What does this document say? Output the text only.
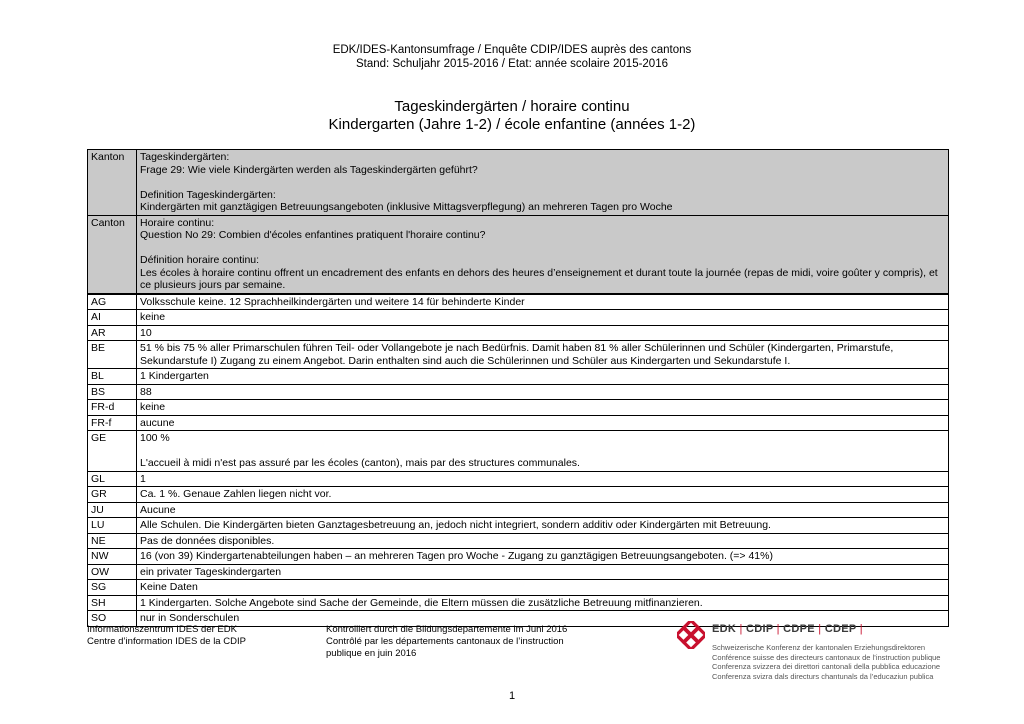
EDK/IDES-Kantonsumfrage / Enquête CDIP/IDES auprès des cantons
Stand: Schuljahr 2015-2016 / Etat: année scolaire 2015-2016
Tageskindergärten / horaire continu
Kindergarten (Jahre 1-2) / école enfantine (années 1-2)
Kanton	Tageskindergärten:
Frage 29: Wie viele Kindergärten werden als Tageskindergärten geführt?
Definition Tageskindergärten:
Kindergärten mit ganztägigen Betreuungsangeboten (inklusive Mittagsverpflegung) an mehreren Tagen pro Woche

Canton	Horaire continu:
Question No 29: Combien d'écoles enfantines pratiquent l'horaire continu?
Définition horaire continu:
Les écoles à horaire continu offrent un encadrement des enfants en dehors des heures d’enseignement et durant toute la journée (repas de midi, voire goûter y compris), et ce plusieurs jours par semaine.

AG	Volksschule keine. 12 Sprachheilkindergärten und weitere 14 für behinderte Kinder
AI	keine
AR	10
BE	51 % bis 75 % aller Primarschulen führen Teil- oder Vollangebote je nach Bedürfnis. Damit haben 81 % aller Schülerinnen und Schüler (Kindergarten, Primarstufe, Sekundarstufe I) Zugang zu einem Angebot. Darin enthalten sind auch die Schülerinnen und Schüler aus Kindergarten und Sekundarstufe I.
BL	1 Kindergarten
BS	88
FR-d	keine
FR-f	aucune
GE	100 %
L'accueil à midi n'est pas assuré par les écoles (canton), mais par des structures communales.

GL	1
GR	Ca. 1 %. Genaue Zahlen liegen nicht vor.
JU	Aucune
LU	Alle Schulen. Die Kindergärten bieten Ganztagesbetreuung an, jedoch nicht integriert, sondern additiv oder Kindergärten mit Betreuung.
NE	Pas de données disponibles.
NW	16 (von 39) Kindergartenabteilungen haben – an mehreren Tagen pro Woche - Zugang zu ganztägigen Betreuungsangeboten. (=> 41%)
OW	ein privater Tageskindergarten
SG	Keine Daten
SH	1 Kindergarten. Solche Angebote sind Sache der Gemeinde, die Eltern müssen die zusätzliche Betreuung mitfinanzieren.
SO	nur in Sonderschulen
Informationszentrum IDES der EDK
Centre d’information IDES de la CDIP
Kontrolliert durch die Bildungsdepartemente im Juni 2016
Contrôlé par les départements cantonaux de l’instruction
publique en juin 2016
EDK | CDIP | CDPE | CDEP |
Schweizerische Konferenz der kantonalen Erziehungsdirektoren
Conférence suisse des directeurs cantonaux de l’instruction publique
Conferenza svizzera dei direttori cantonali della pubblica educazione
Conferenza svizra dals directurs chantunals da l’educaziun publica
1
